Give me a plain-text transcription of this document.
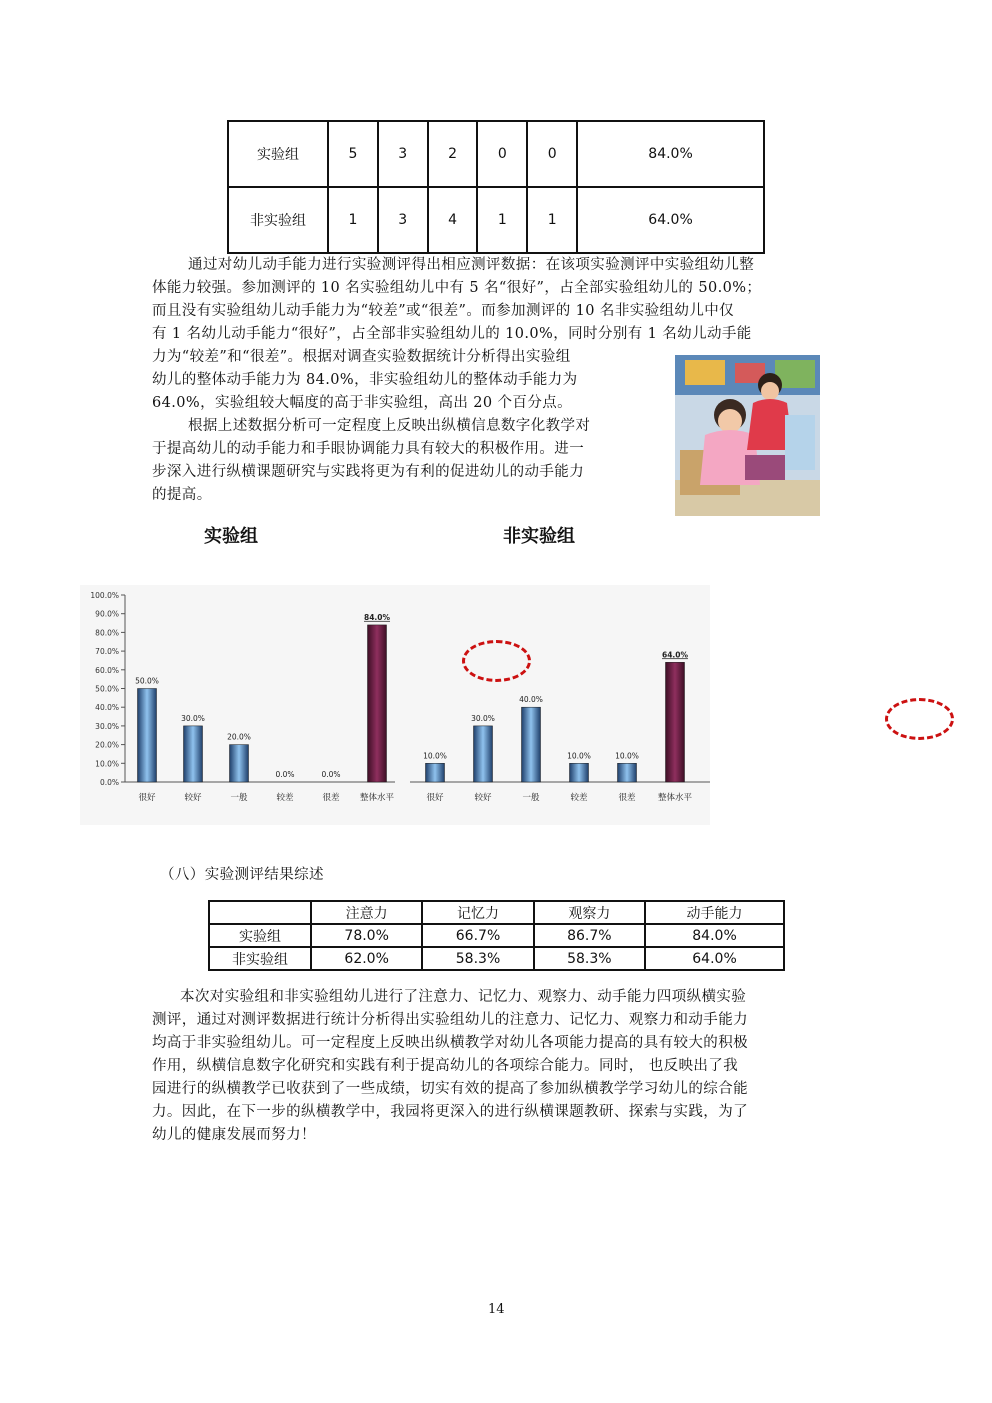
实验组	5	3	2	0	0	84.0%
非实验组	1	3	4	1	1	64.0%

通过对幼儿动手能力进行实验测评得出相应测评数据：在该项实验测评中实验组幼儿整

体能力较强。参加测评的 10 名实验组幼儿中有 5 名“很好”，占全部实验组幼儿的 50.0%；

而且没有实验组幼儿动手能力为“较差”或“很差”。而参加测评的 10 名非实验组幼儿中仅

有 1 名幼儿动手能力“很好”，占全部非实验组幼儿的 10.0%，同时分别有 1 名幼儿动手能

力为“较差”和“很差”。根据对调查实验数据统计分析得出实验组

幼儿的整体动手能力为 84.0%，非实验组幼儿的整体动手能力为

64.0%，实验组较大幅度的高于非实验组，高出 20 个百分点。

根据上述数据分析可一定程度上反映出纵横信息数字化教学对

于提高幼儿的动手能力和手眼协调能力具有较大的积极作用。进一

步深入进行纵横课题研究与实践将更为有利的促进幼儿的动手能力

的提高。

实验组	非实验组
0.0%
10.0%
20.0%
30.0%
40.0%
50.0%
60.0%
70.0%
80.0%
90.0%
100.0%
50.0%
很好
30.0%
较好
20.0%
一般
0.0%
较差
0.0%
很差
84.0%
整体水平
10.0%
很好
30.0%
较好
40.0%
一般
10.0%
较差
10.0%
很差
64.0%
整体水平
（八）实验测评结果综述
	注意力	记忆力	观察力	动手能力
实验组	78.0%	66.7%	86.7%	84.0%
非实验组	62.0%	58.3%	58.3%	64.0%

本次对实验组和非实验组幼儿进行了注意力、记忆力、观察力、动手能力四项纵横实验

测评，通过对测评数据进行统计分析得出实验组幼儿的注意力、记忆力、观察力和动手能力

均高于非实验组幼儿。可一定程度上反映出纵横教学对幼儿各项能力提高的具有较大的积极

作用，纵横信息数字化研究和实践有利于提高幼儿的各项综合能力。同时， 也反映出了我

园进行的纵横教学已收获到了一些成绩，切实有效的提高了参加纵横教学学习幼儿的综合能

力。因此，在下一步的纵横教学中，我园将更深入的进行纵横课题教研、探索与实践，为了

幼儿的健康发展而努力！

14
